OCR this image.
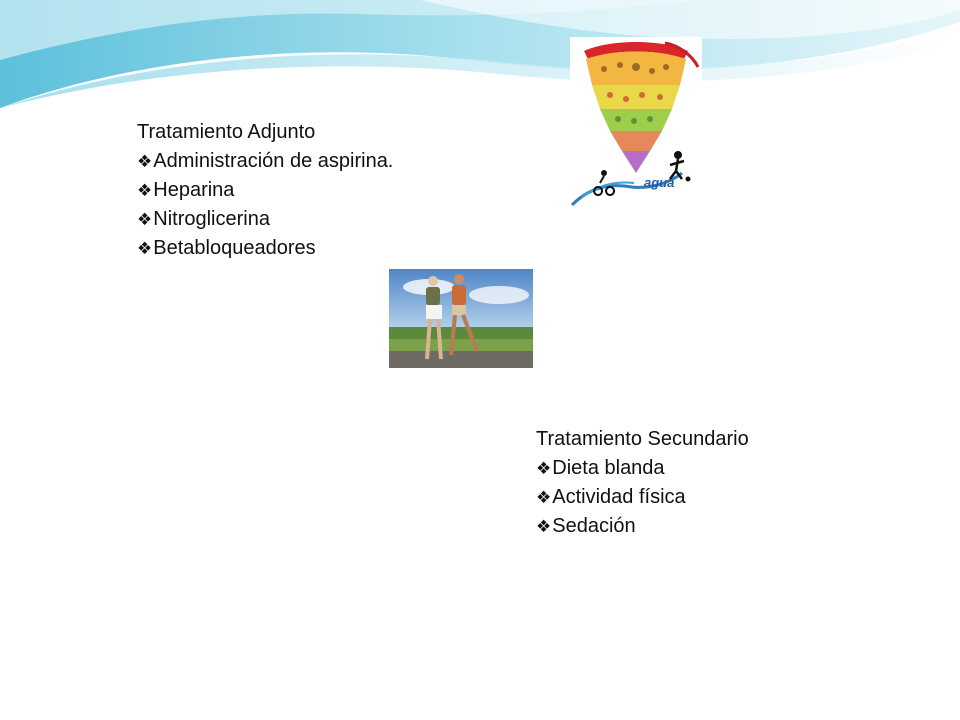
Tratamiento Adjunto
❖Administración de aspirina.
❖Heparina
❖Nitroglicerina
❖Betabloqueadores
agua
Tratamiento Secundario
❖Dieta blanda
❖Actividad física
❖Sedación
